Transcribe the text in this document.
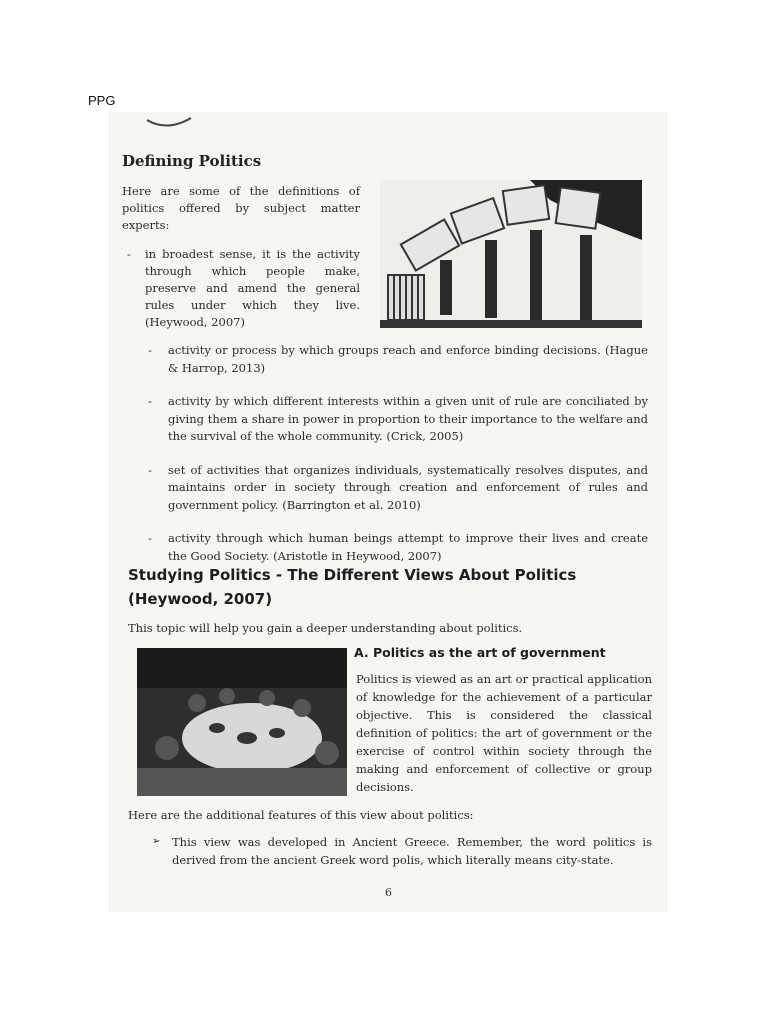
PPG
Defining Politics
Here are some of the definitions of politics offered by subject matter experts:
- in broadest sense, it is the activity through which people make, preserve and amend the general rules under which they live. (Heywood, 2007)
- activity or process by which groups reach and enforce binding decisions. (Hague & Harrop, 2013)
- activity by which different interests within a given unit of rule are conciliated by giving them a share in power in proportion to their importance to the welfare and the survival of the whole community. (Crick, 2005)
- set of activities that organizes individuals, systematically resolves disputes, and maintains order in society through creation and enforcement of rules and government policy. (Barrington et al. 2010)
- activity through which human beings attempt to improve their lives and create the Good Society. (Aristotle in Heywood, 2007)
Studying Politics - The Different Views About Politics (Heywood, 2007)
This topic will help you gain a deeper understanding about politics.
A. Politics as the art of government
Politics is viewed as an art or practical application of knowledge for the achievement of a particular objective. This is considered the classical definition of politics: the art of government or the exercise of control within society through the making and enforcement of collective or group decisions.
Here are the additional features of this view about politics:
➢ This view was developed in Ancient Greece. Remember, the word politics is derived from the ancient Greek word polis, which literally means city-state.
6
